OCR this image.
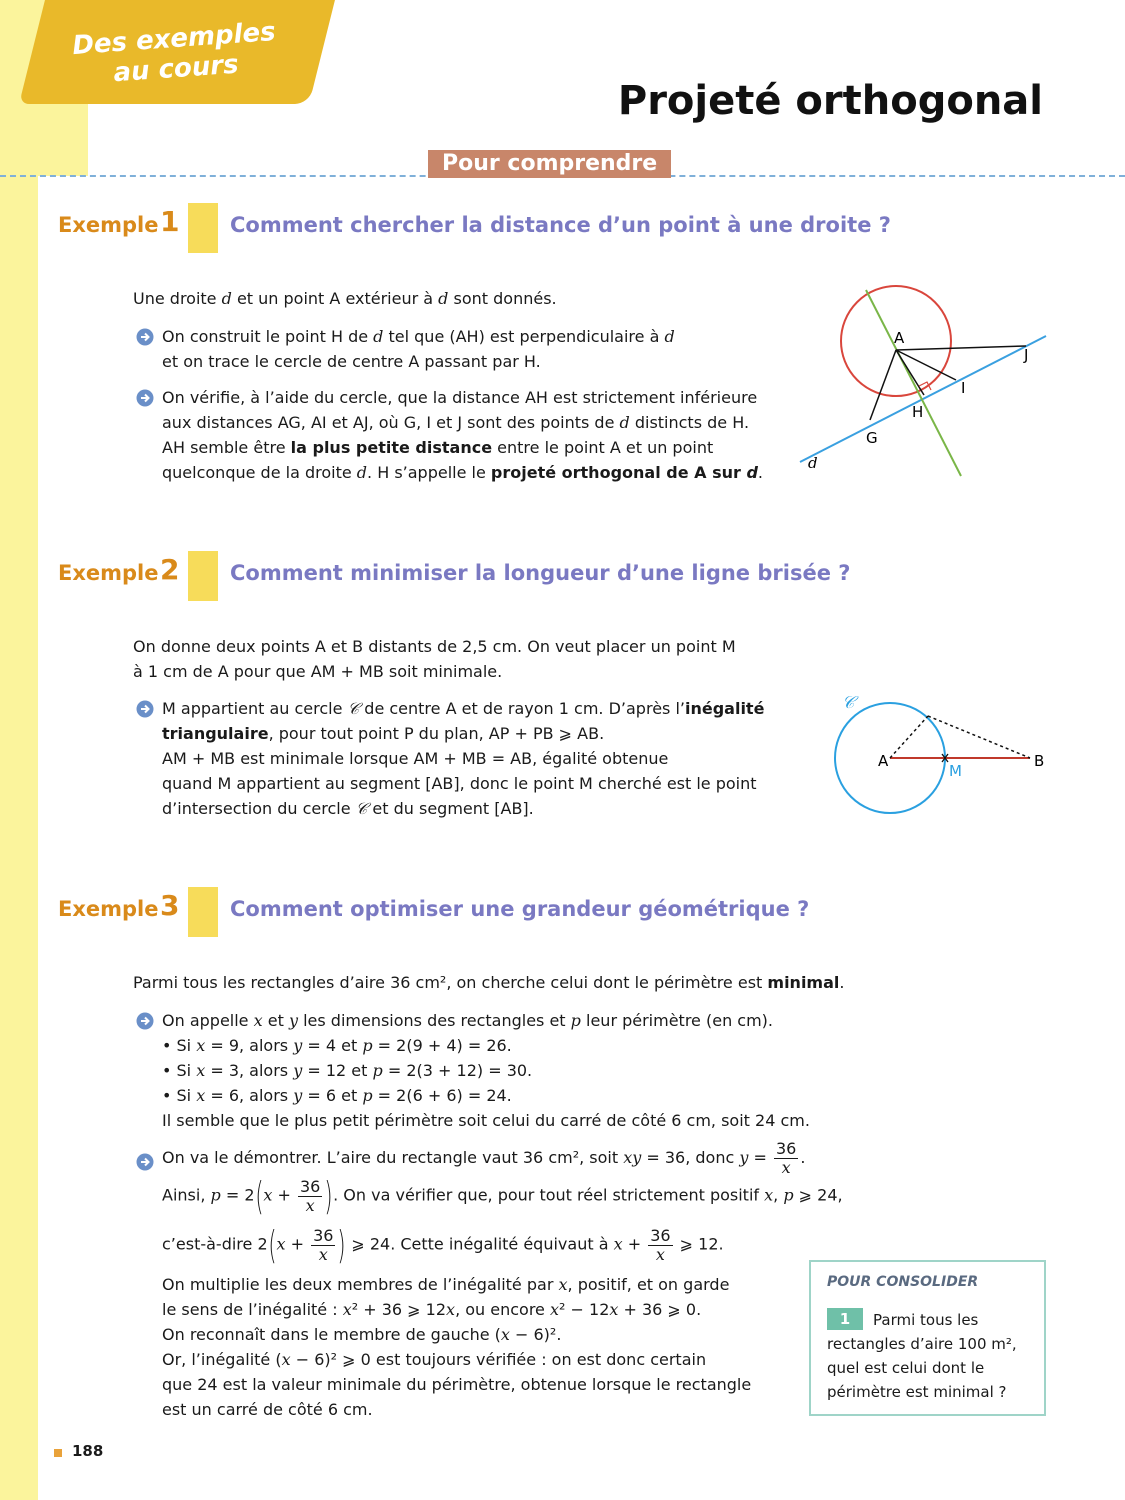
Des exemples
au cours
Projeté orthogonal
Pour comprendre
Exemple 1 Comment chercher la distance d’un point à une droite ?
Une droite d et un point A extérieur à d sont donnés.
On construit le point H de d tel que (AH) est perpendiculaire à d
et on trace le cercle de centre A passant par H.
On vérifie, à l’aide du cercle, que la distance AH est strictement inférieure
aux distances AG, AI et AJ, où G, I et J sont des points de d distincts de H.
AH semble être la plus petite distance entre le point A et un point
quelconque de la droite d. H s’appelle le projeté orthogonal de A sur d.
A
J
I
H
G
d
Exemple 2 Comment minimiser la longueur d’une ligne brisée ?
On donne deux points A et B distants de 2,5 cm. On veut placer un point M
à 1 cm de A pour que AM + MB soit minimale.
M appartient au cercle 𝒞 de centre A et de rayon 1 cm. D’après l’inégalité
triangulaire, pour tout point P du plan, AP + PB ⩾ AB.
AM + MB est minimale lorsque AM + MB = AB, égalité obtenue
quand M appartient au segment [AB], donc le point M cherché est le point
d’intersection du cercle 𝒞 et du segment [AB].
𝒞
A	B
M
Exemple 3 Comment optimiser une grandeur géométrique ?
Parmi tous les rectangles d’aire 36 cm², on cherche celui dont le périmètre est minimal.
On appelle x et y les dimensions des rectangles et p leur périmètre (en cm).
• Si x = 9, alors y = 4 et p = 2(9 + 4) = 26.
• Si x = 3, alors y = 12 et p = 2(3 + 12) = 30.
• Si x = 6, alors y = 6 et p = 2(6 + 6) = 24.
Il semble que le plus petit périmètre soit celui du carré de côté 6 cm, soit 24 cm.
On va le démontrer. L’aire du rectangle vaut 36 cm², soit xy = 36, donc $y = \frac{36}{x}$ .
Ainsi, $p = 2(x + \frac{36}{x}$ ). On va vérifier que, pour tout réel strictement positif x, p ⩾ 24,
c’est-à-dire $2(x + \frac{36}{x}$ ) ⩾ 24. Cette inégalité équivaut à $x + \frac{36}{x}$ ⩾ 12.
On multiplie les deux membres de l’inégalité par x, positif, et on garde
le sens de l’inégalité : x² + 36 ⩾ 12x, ou encore x² − 12x + 36 ⩾ 0.
On reconnaît dans le membre de gauche (x − 6)².
Or, l’inégalité (x − 6)² ⩾ 0 est toujours vérifiée : on est donc certain
que 24 est la valeur minimale du périmètre, obtenue lorsque le rectangle
est un carré de côté 6 cm.
POUR CONSOLIDER
1	Parmi tous les rectangles d’aire 100 m², quel est celui dont le périmètre est minimal ?
188
